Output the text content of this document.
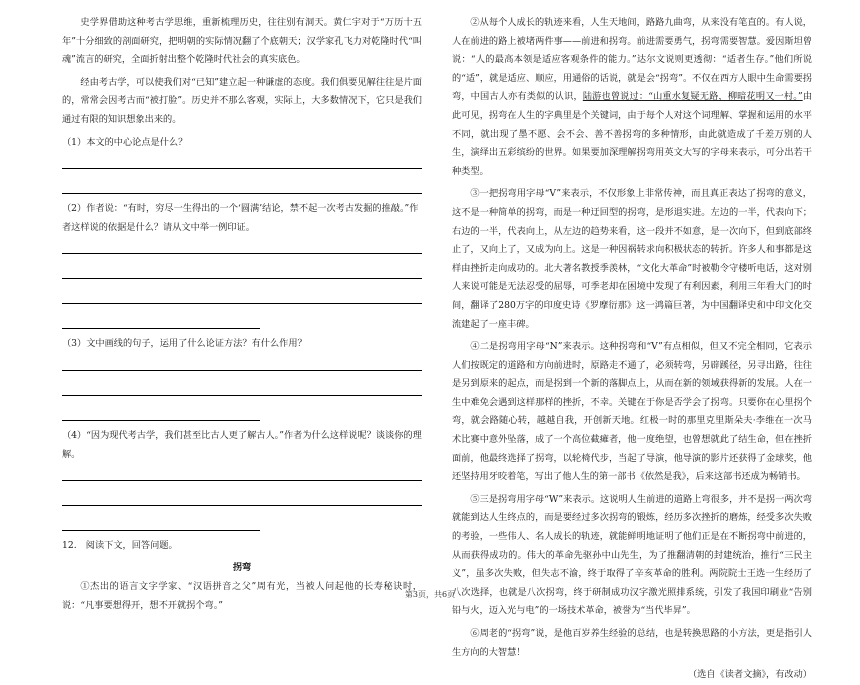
史学界借助这种考古学思维，重新梳理历史，往往别有洞天。黄仁宇对于“万历十五年”十分细致的剖面研究，把明朝的实际情况翻了个底朝天；汉学家孔飞力对乾隆时代“叫魂”流言的研究，全面折射出整个乾隆时代社会的真实底色。

经由考古学，可以使我们对“已知”建立起一种谦虚的态度。我们俱要见解往往是片面的，常常会因考古而“被打脸”。历史并不那么客观，实际上，大多数情况下，它只是我们通过有限的知识想象出来的。

（1）本文的中心论点是什么？
（2）作者说：“有时，穷尽一生得出的一个‘圆满’结论，禁不起一次考古发掘的推敲。”作者这样说的依据是什么？请从文中举一例印证。
（3）文中画线的句子，运用了什么论证方法？有什么作用？
（4）“因为现代考古学，我们甚至比古人更了解古人。”作者为什么这样说呢？谈谈你的理解。
12.　阅读下文，回答问题。
拐弯

①杰出的语言文字学家、“汉语拼音之父”周有光，当被人问起他的长寿秘诀时，说：“凡事要想得开，想不开就拐个弯。”

②从每个人成长的轨迹来看，人生天地间，路路九曲弯，从来没有笔直的。有人说，人在前进的路上被堵两件事——前进和拐弯。前进需要勇气，拐弯需要智慧。爱因斯坦曾说：“人的最高本领是适应客观条件的能力。”达尔文说则更透彻：“适者生存。”他们所说的“适”，就是适应、顺应，用通俗的话说，就是会“拐弯”。不仅在西方人眼中生命需要拐弯，中国古人亦有类似的认识，陆游也曾说过：“山重水复疑无路，柳暗花明又一村。”由此可见，拐弯在人生的字典里是个关键词，由于每个人对这个词理解、掌握和运用的水平不同，就出现了墨不愿、会不会、善不善拐弯的多种情形，由此就造成了千差万别的人生，演绎出五彩缤纷的世界。如果要加深理解拐弯用英文大写的字母来表示，可分出若干种类型。

③一把拐弯用字母“V”来表示，不仅形象上非常传神，而且真正表达了拐弯的意义，这不是一种简单的拐弯，而是一种迂回型的拐弯，是形退实进。左边的一半，代表向下；右边的一半，代表向上，从左边的趋势来看，这一段并不如意，是一次向下，但到底部终止了，又向上了，又成为向上。这是一种因祸转求向积极状态的转折。许多人和事都是这样由挫折走向成功的。北大著名教授季羡林，“文化大革命”时被勒令守楼听电话，这对别人来说可能是无法忍受的屈辱，可季老却在困境中发现了有利因素，利用三年看大门的时间，翻译了280万字的印度史诗《罗摩衍那》这一鸿篇巨著，为中国翻译史和中印文化交流建起了一座丰碑。

④二是拐弯用字母“N”来表示。这种拐弯和“V”有点相似，但又不完全相同，它表示人们按既定的道路和方向前进时，原路走不通了，必须转弯，另辟蹊径，另寻出路，往往是另到原来的起点，而是拐到一个新的落脚点上，从而在新的领域获得新的发展。人在一生中难免会遇到这样那样的挫折，不幸。关键在于你是否学会了拐弯。只要你在心里拐个弯，就会路随心转，越越自我，开创新天地。红极一时的那里克里斯朵夫·李维在一次马术比赛中意外坠落，成了一个高位截瘫者，他一度绝望，也曾想就此了结生命，但在挫折面前，他最终选择了拐弯，以轮椅代步，当起了导演，他导演的影片还获得了金球奖，他还坚持用牙咬着笔，写出了他人生的第一部书《依然是我》，后来这部书还成为畅销书。

⑤三是拐弯用字母“W”来表示。这说明人生前进的道路上弯很多，并不是拐一两次弯就能到达人生终点的，而是要经过多次拐弯的锻炼，经历多次挫折的磨炼，经受多次失败的考验，一些伟人、名人成长的轨迹，就能鲜明地证明了他们正是在不断拐弯中前进的，从而获得成功的。伟大的革命先驱孙中山先生，为了推翻清朝的封建统治，推行“三民主义”，虽多次失败，但失志不渝，终于取得了辛亥革命的胜利。两院院士王选一生经历了八次选择，也就是八次拐弯，终于研制成功汉字激光照排系统，引发了我国印刷业“告别铅与火，迈入光与电”的一场技术革命，被誉为“当代毕昇”。

⑥周老的“拐弯”说，是他百岁养生经验的总结，也是转换思路的小方法，更是指引人生方向的大智慧！

（选自《读者文摘》，有改动）
第3页，共6页
